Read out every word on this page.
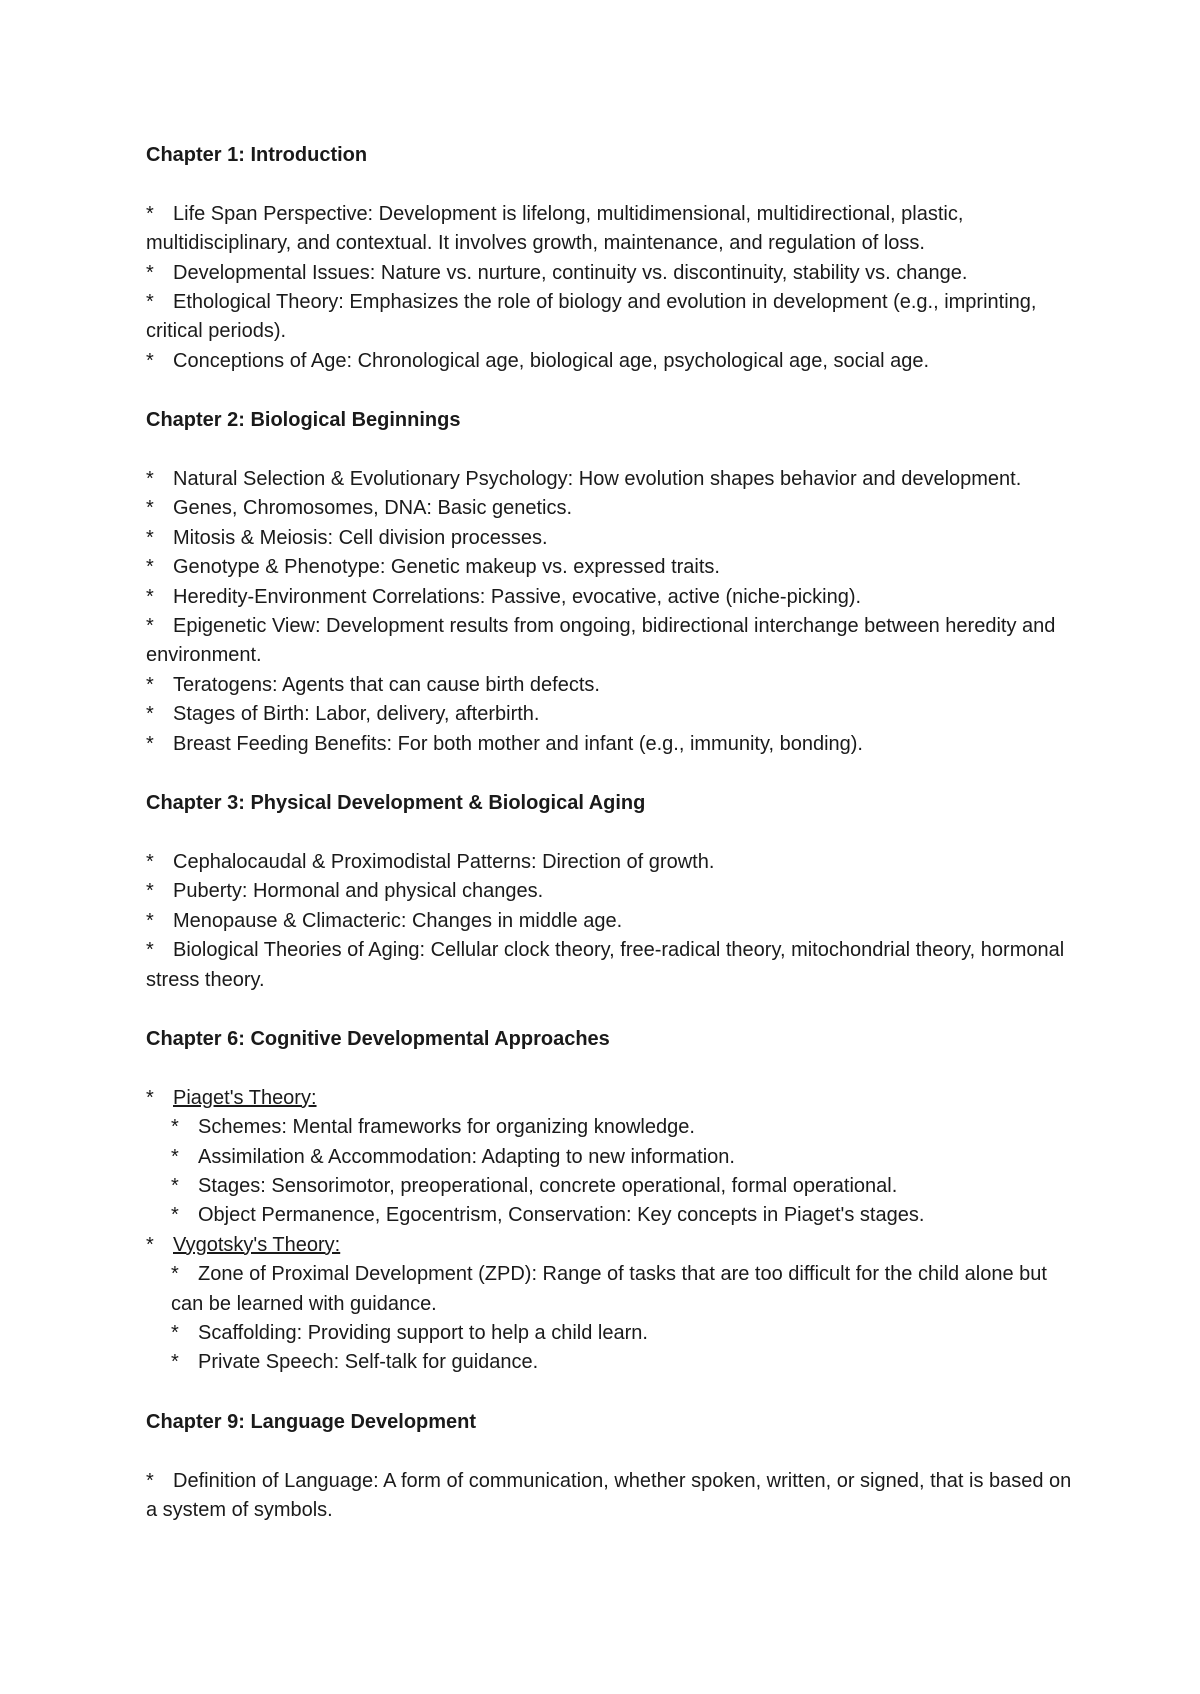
Chapter 1: Introduction
* Life Span Perspective: Development is lifelong, multidimensional, multidirectional, plastic, multidisciplinary, and contextual. It involves growth, maintenance, and regulation of loss.
* Developmental Issues: Nature vs. nurture, continuity vs. discontinuity, stability vs. change.
* Ethological Theory: Emphasizes the role of biology and evolution in development (e.g., imprinting, critical periods).
* Conceptions of Age: Chronological age, biological age, psychological age, social age.
Chapter 2: Biological Beginnings
* Natural Selection & Evolutionary Psychology: How evolution shapes behavior and development.
* Genes, Chromosomes, DNA: Basic genetics.
* Mitosis & Meiosis: Cell division processes.
* Genotype & Phenotype: Genetic makeup vs. expressed traits.
* Heredity-Environment Correlations: Passive, evocative, active (niche-picking).
* Epigenetic View: Development results from ongoing, bidirectional interchange between heredity and environment.
* Teratogens: Agents that can cause birth defects.
* Stages of Birth: Labor, delivery, afterbirth.
* Breast Feeding Benefits: For both mother and infant (e.g., immunity, bonding).
Chapter 3: Physical Development & Biological Aging
* Cephalocaudal & Proximodistal Patterns: Direction of growth.
* Puberty: Hormonal and physical changes.
* Menopause & Climacteric: Changes in middle age.
* Biological Theories of Aging: Cellular clock theory, free-radical theory, mitochondrial theory, hormonal stress theory.
Chapter 6: Cognitive Developmental Approaches
* Piaget's Theory:
* Schemes: Mental frameworks for organizing knowledge.
* Assimilation & Accommodation: Adapting to new information.
* Stages: Sensorimotor, preoperational, concrete operational, formal operational.
* Object Permanence, Egocentrism, Conservation: Key concepts in Piaget's stages.
* Vygotsky's Theory:
* Zone of Proximal Development (ZPD): Range of tasks that are too difficult for the child alone but can be learned with guidance.
* Scaffolding: Providing support to help a child learn.
* Private Speech: Self-talk for guidance.
Chapter 9: Language Development
* Definition of Language: A form of communication, whether spoken, written, or signed, that is based on a system of symbols.
